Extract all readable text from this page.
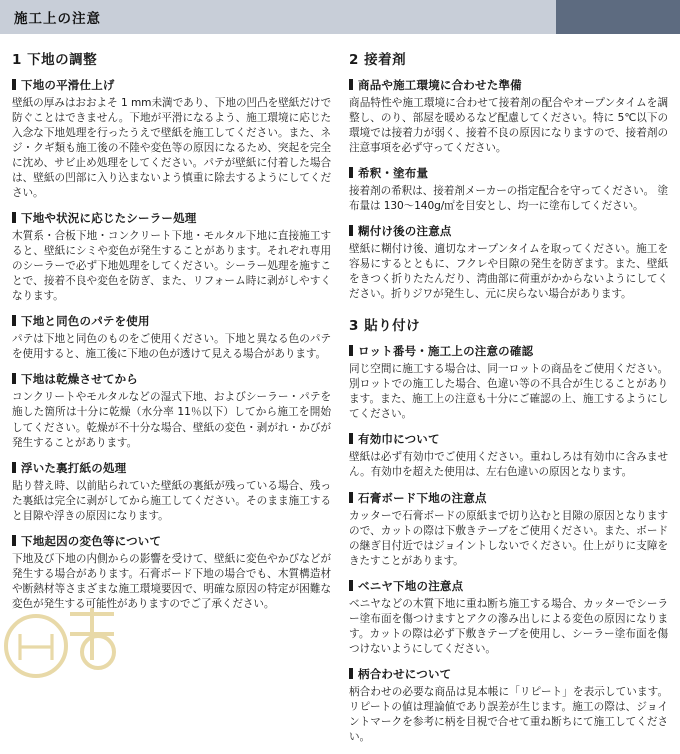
施工上の注意
1 下地の調整
下地の平滑仕上げ

壁紙の厚みはおおよそ 1 mm未満であり、下地の凹凸を壁紙だけで防ぐことはできません。下地が平滑になるよう、施工環境に応じた入念な下地処理を行ったうえで壁紙を施工してください。また、ネジ・クギ類も施工後の不陸や変色等の原因になるため、突起を完全に沈め、サビ止め処理をしてください。パテが壁紙に付着した場合は、壁紙の凹部に入り込まないよう慎重に除去するようにしてください。

下地や状況に応じたシーラー処理

木質系・合板下地・コンクリート下地・モルタル下地に直接施工すると、壁紙にシミや変色が発生することがあります。それぞれ専用のシーラーで必ず下地処理をしてください。シーラー処理を施すことで、接着不良や変色を防ぎ、また、リフォーム時に剥がしやすくなります。

下地と同色のパテを使用

パテは下地と同色のものをご使用ください。下地と異なる色のパテを使用すると、施工後に下地の色が透けて見える場合があります。

下地は乾燥させてから

コンクリートやモルタルなどの湿式下地、およびシーラー・パテを施した箇所は十分に乾燥（水分率 11％以下）してから施工を開始してください。乾燥が不十分な場合、壁紙の変色・剥がれ・かびが発生することがあります。

浮いた裏打紙の処理

貼り替え時、以前貼られていた壁紙の裏紙が残っている場合、残った裏紙は完全に剥がしてから施工してください。そのまま施工すると目隙や浮きの原因になります。

下地起因の変色等について

下地及び下地の内側からの影響を受けて、壁紙に変色やかびなどが発生する場合があります。石膏ボード下地の場合でも、木質構造材や断熱材等さまざまな施工環境要因で、明確な原因の特定が困難な変色が発生する可能性がありますのでご了承ください。

2 接着剤
商品や施工環境に合わせた準備

商品特性や施工環境に合わせて接着剤の配合やオープンタイムを調整し、のり、部屋を暖めるなど配慮してください。特に 5℃以下の環境では接着力が弱く、接着不良の原因になりますので、接着剤の注意事項を必ず守ってください。

希釈・塗布量

接着剤の希釈は、接着剤メーカーの指定配合を守ってください。 塗布量は 130〜140g/㎡を目安とし、均一に塗布してください。

糊付け後の注意点

壁紙に糊付け後、適切なオープンタイムを取ってください。施工を容易にするとともに、フクレや目隙の発生を防ぎます。また、壁紙をきつく折りたたんだり、湾曲部に荷重がかからないようにしてください。折りジワが発生し、元に戻らない場合があります。

3 貼り付け
ロット番号・施工上の注意の確認

同じ空間に施工する場合は、同一ロットの商品をご使用ください。別ロットでの施工した場合、色違い等の不具合が生じることがあります。また、施工上の注意も十分にご確認の上、施工するようにしてください。

有効巾について

壁紙は必ず有効巾でご使用ください。重ねしろは有効巾に含みません。有効巾を超えた使用は、左右色違いの原因となります。

石膏ボード下地の注意点

カッターで石膏ボードの原紙まで切り込むと目隙の原因となりますので、カットの際は下敷きテープをご使用ください。また、ボードの継ぎ目付近ではジョイントしないでください。仕上がりに支障をきたすことがあります。

ベニヤ下地の注意点

ベニヤなどの木質下地に重ね断ち施工する場合、カッターでシーラー塗布面を傷つけますとアクの滲み出しによる変色の原因になります。カットの際は必ず下敷きテープを使用し、シーラー塗布面を傷つけないようにしてください。

柄合わせについて

柄合わせの必要な商品は見本帳に「リピート」を表示しています。 リピートの値は理論値であり誤差が生じます。施工の際は、ジョイントマークを参考に柄を目視で合せて重ね断ちにて施工してください。
